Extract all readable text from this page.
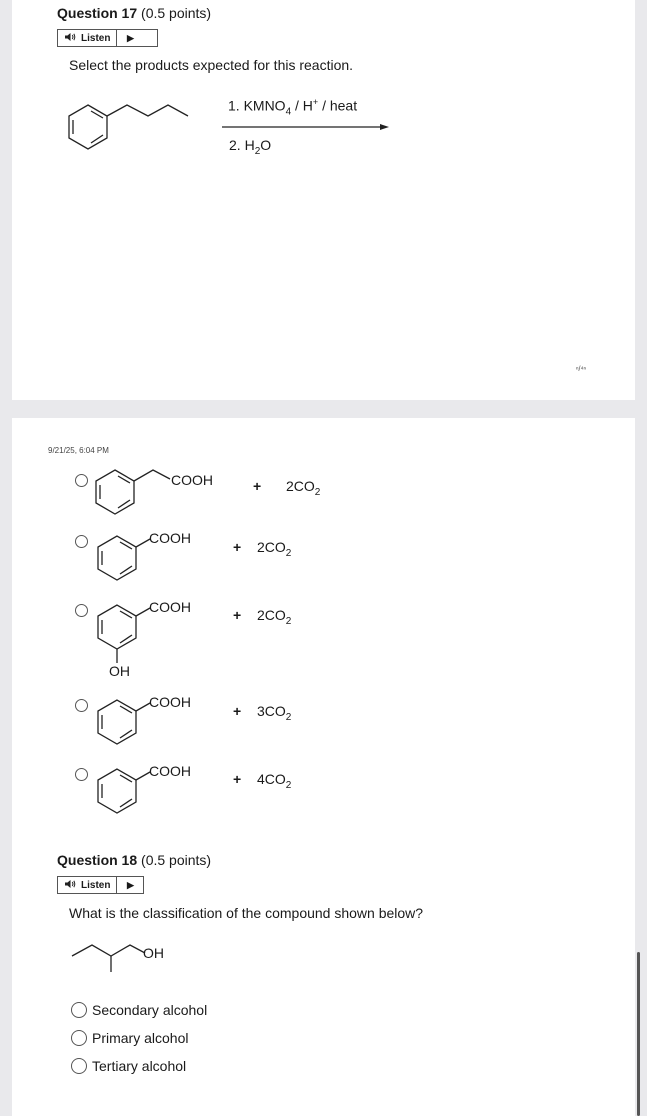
Question 17 (0.5 points)
Listen	▶
Select the products expected for this reaction.
1. $KMNO_4 / H^+$ / heat
2. $H_2O$
ⁿ/⁴ⁿ
9/21/25, 6:04 PM
COOH	+ $2CO_2$
COOH
+ $2CO_2$
COOH	+ $2CO_2$
OH
COOH
+ $3CO_2$
COOH	+ $4CO_2$
Question 18 (0.5 points)
Listen	▶
What is the classification of the compound shown below?
OH
Secondary alcohol
Primary alcohol
Tertiary alcohol
